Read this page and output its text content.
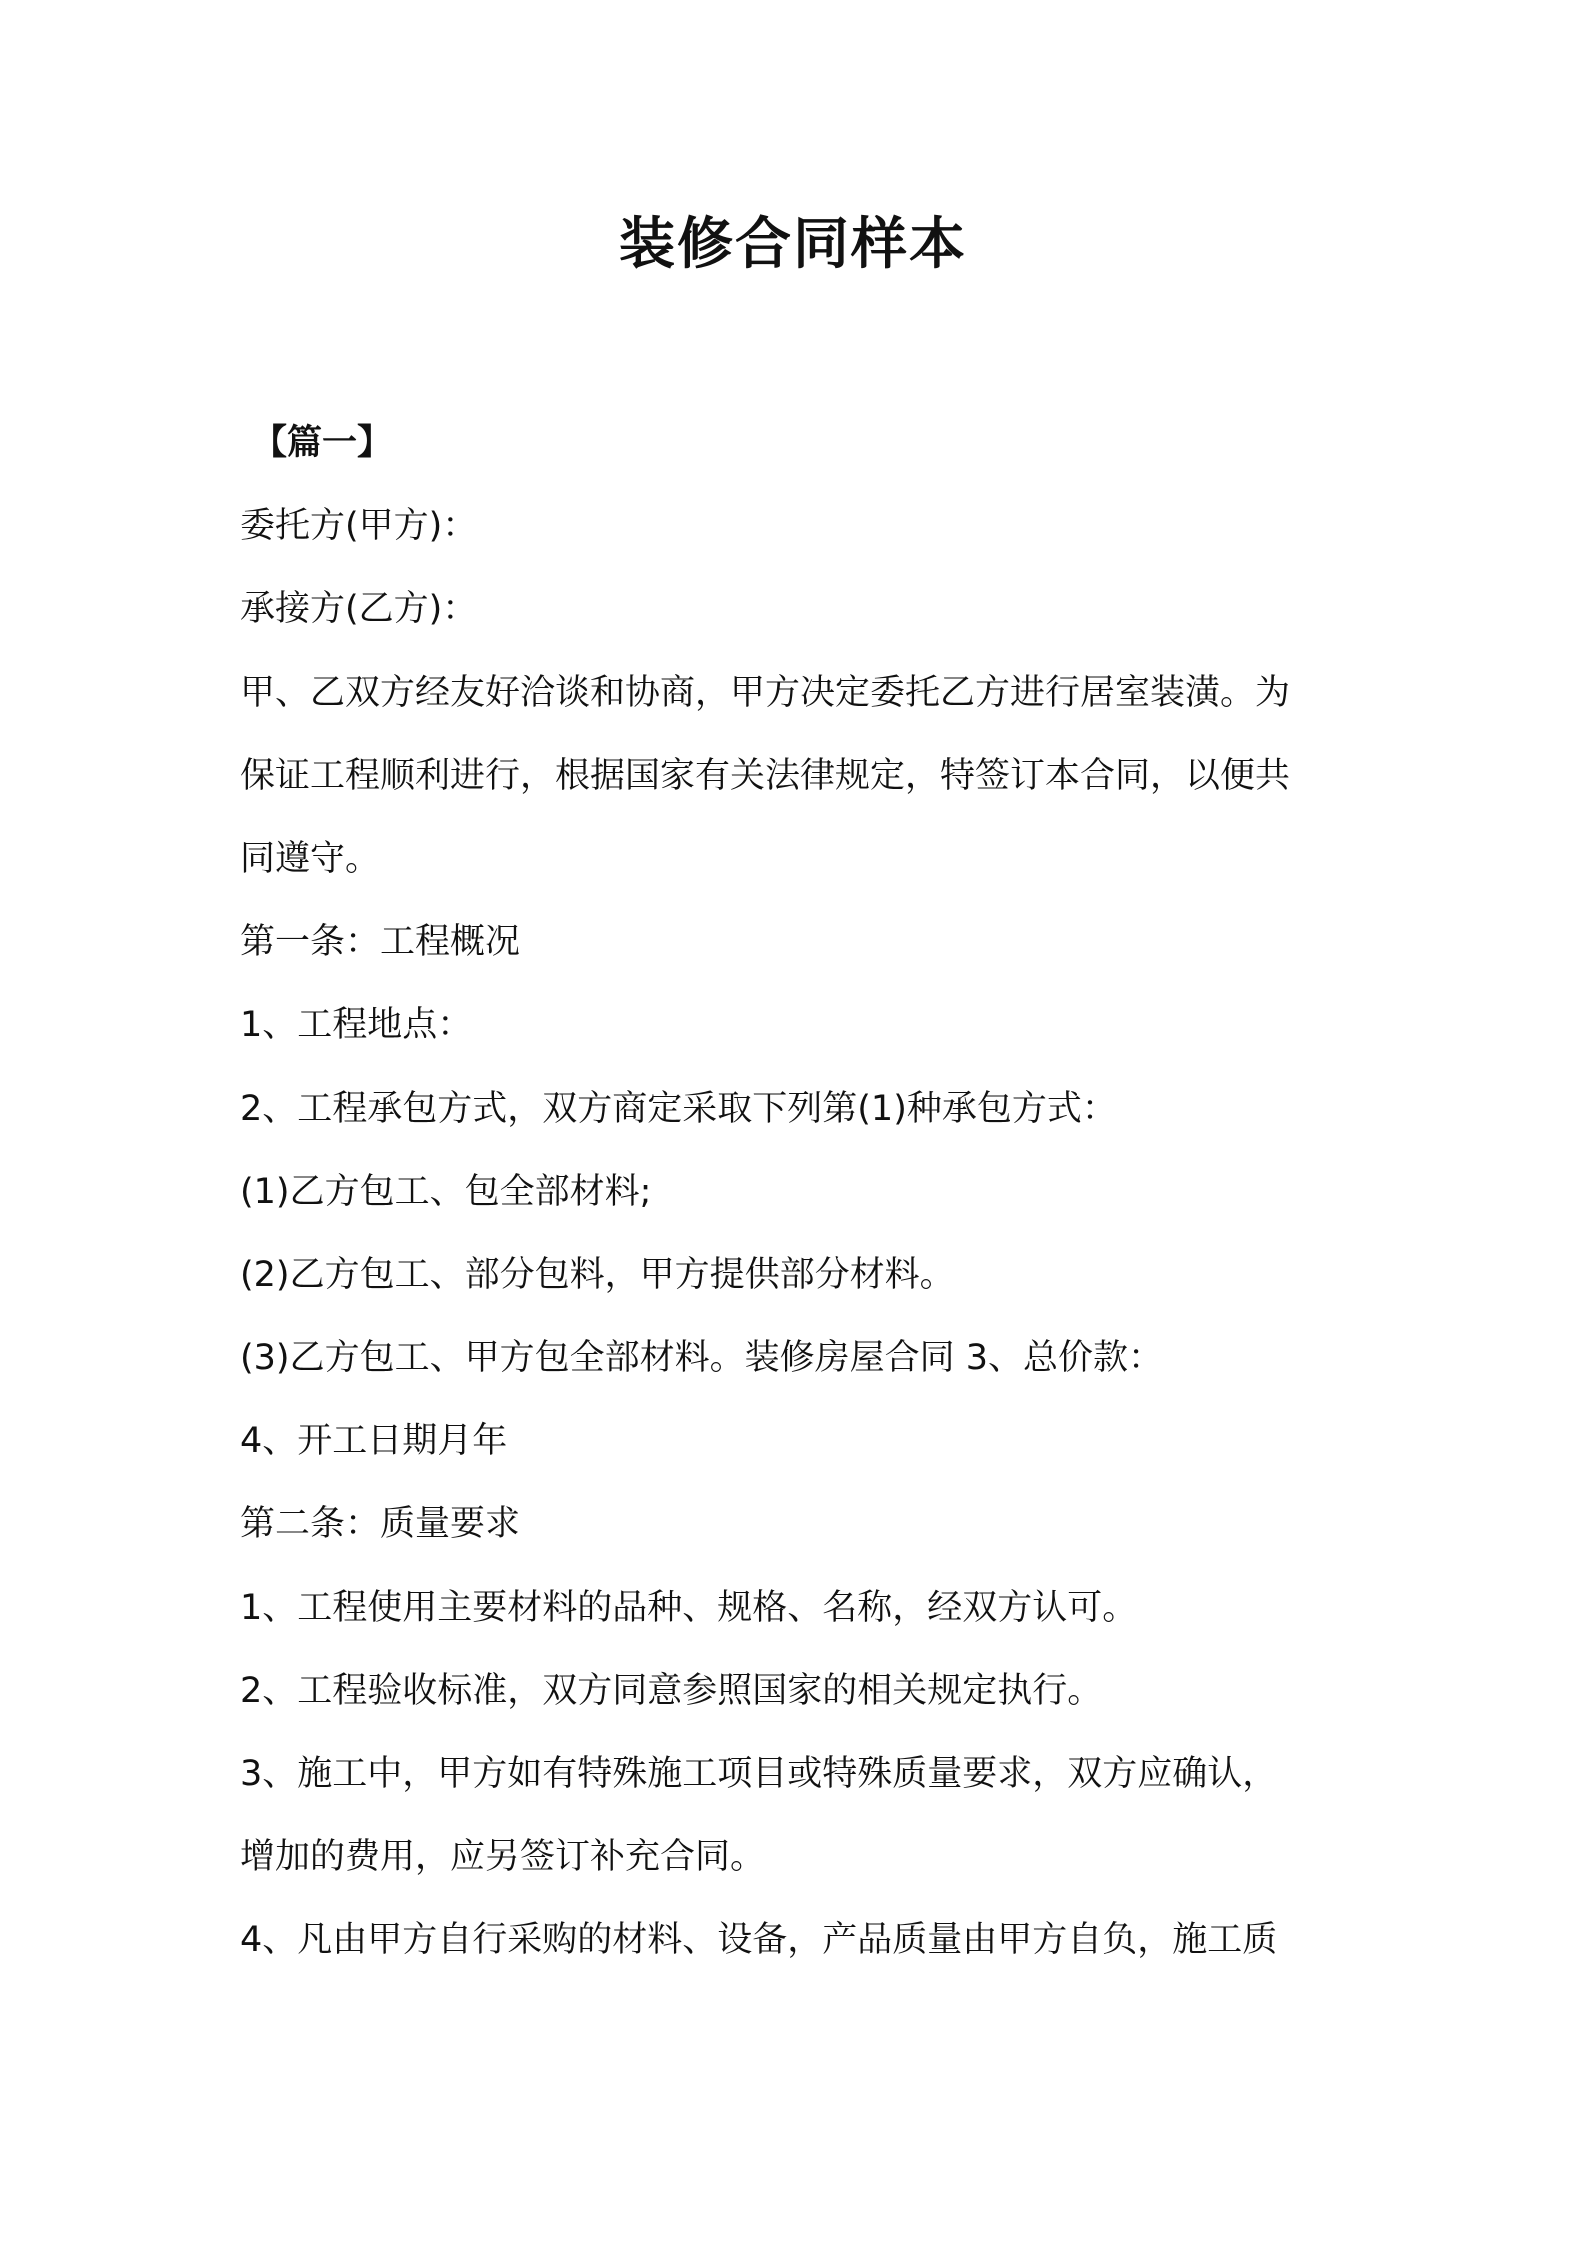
装修合同样本
【篇一】
委托方(甲方)：
承接方(乙方)：
甲、乙双方经友好洽谈和协商，甲方决定委托乙方进行居室装潢。为
保证工程顺利进行，根据国家有关法律规定，特签订本合同，以便共
同遵守。
第一条：工程概况
1、工程地点：
2、工程承包方式，双方商定采取下列第(1)种承包方式：
(1)乙方包工、包全部材料;
(2)乙方包工、部分包料，甲方提供部分材料。
(3)乙方包工、甲方包全部材料。装修房屋合同 3、总价款：
4、开工日期月年
第二条：质量要求
1、工程使用主要材料的品种、规格、名称，经双方认可。
2、工程验收标准，双方同意参照国家的相关规定执行。
3、施工中，甲方如有特殊施工项目或特殊质量要求，双方应确认，
增加的费用，应另签订补充合同。
4、凡由甲方自行采购的材料、设备，产品质量由甲方自负，施工质
